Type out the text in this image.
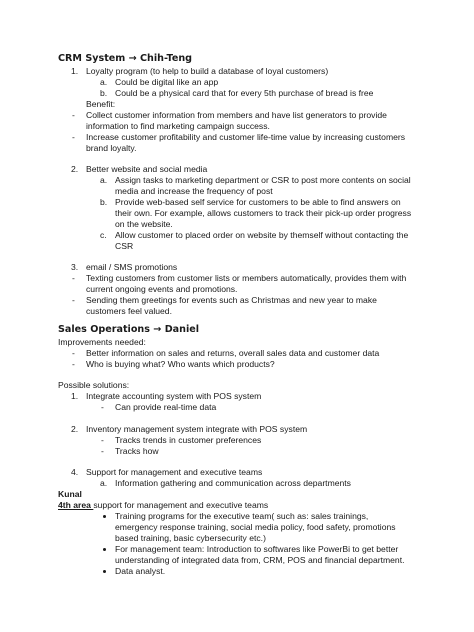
CRM System → Chih-Teng
1. Loyalty program (to help to build a database of loyal customers)
a. Could be digital like an app
b. Could be a physical card that for every 5th purchase of bread is free
Benefit:
- Collect customer information from members and have list generators to provide
information to find marketing campaign success.
- Increase customer profitability and customer life-time value by increasing customers
brand loyalty.
2. Better website and social media
a. Assign tasks to marketing department or CSR to post more contents on social
media and increase the frequency of post
b. Provide web-based self service for customers to be able to find answers on
their own. For example, allows customers to track their pick-up order progress
on the website.
c. Allow customer to placed order on website by themself without contacting the
CSR
3. email / SMS promotions
- Texting customers from customer lists or members automatically, provides them with
current ongoing events and promotions.
- Sending them greetings for events such as Christmas and new year to make
customers feel valued.
Sales Operations → Daniel
Improvements needed:
- Better information on sales and returns, overall sales data and customer data
- Who is buying what? Who wants which products?
Possible solutions:
1. Integrate accounting system with POS system
- Can provide real-time data
2. Inventory management system integrate with POS system
- Tracks trends in customer preferences
- Tracks how
4. Support for management and executive teams
a. Information gathering and communication across departments
Kunal
4th area support for management and executive teams
Training programs for the executive team( such as: sales trainings,
emergency response training, social media policy, food safety, promotions
based training, basic cybersecurity etc.)
For management team: Introduction to softwares like PowerBi to get better
understanding of integrated data from, CRM, POS and financial department.
Data analyst.
